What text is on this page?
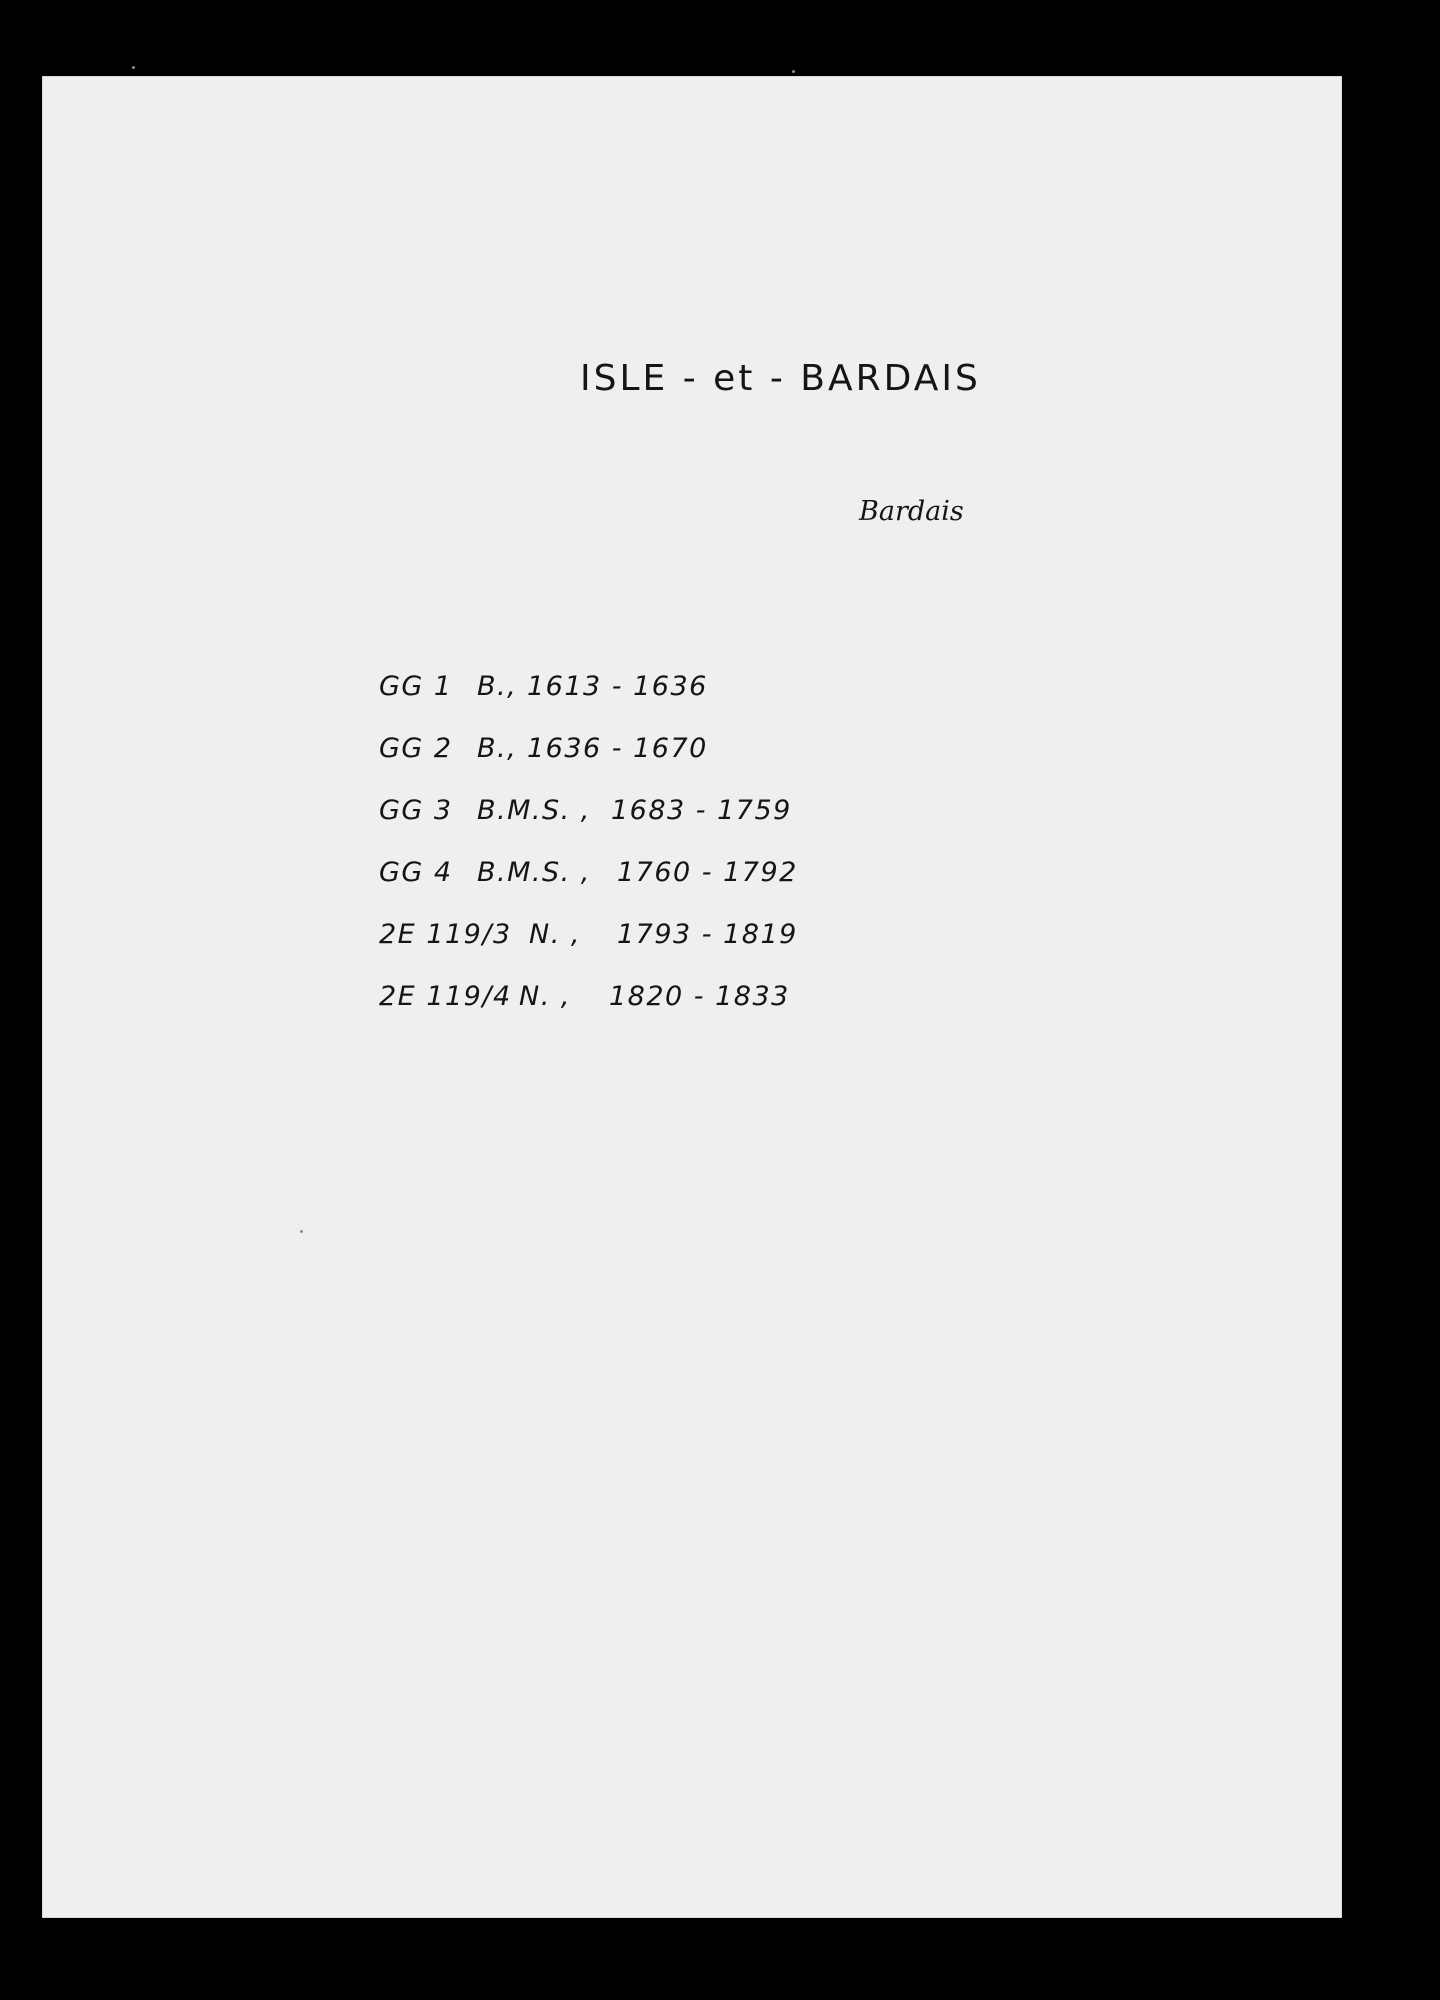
ISLE - et - BARDAIS
Bardais
GG 1 B., 1613 - 1636
GG 2 B., 1636 - 1670
GG 3 B.M.S. , 1683 - 1759
GG 4 B.M.S. , 1760 - 1792
2E 119/3 N. , 1793 - 1819
2E 119/4 N. , 1820 - 1833
